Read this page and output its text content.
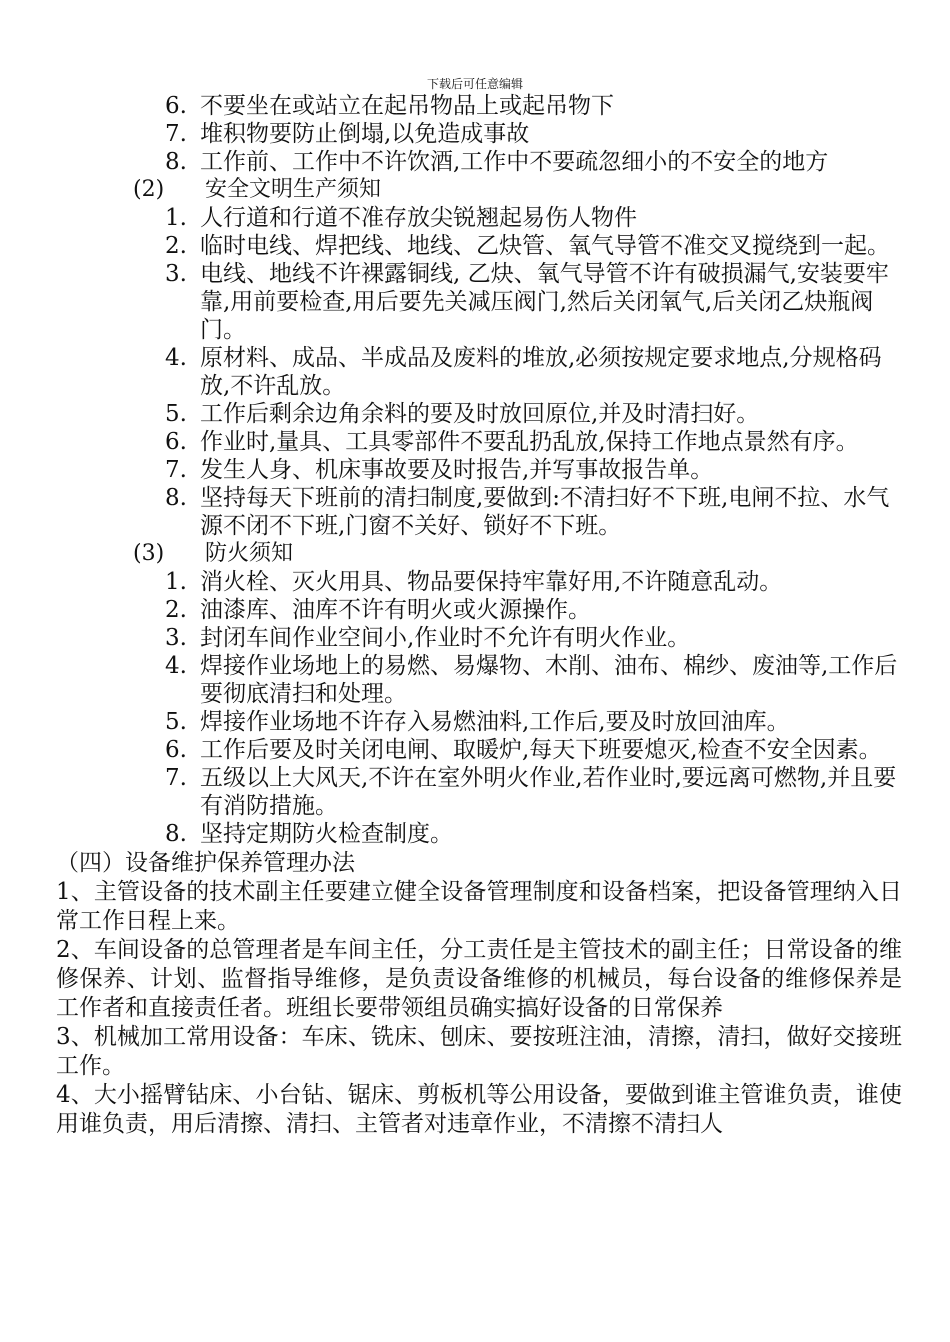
下载后可任意编辑
6. 不要坐在或站立在起吊物品上或起吊物下
7. 堆积物要防止倒塌,以免造成事故
8. 工作前、工作中不许饮酒,工作中不要疏忽细小的不安全的地方
(2) 安全文明生产须知
1. 人行道和行道不准存放尖锐翘起易伤人物件
2. 临时电线、焊把线、地线、乙炔管、氧气导管不准交叉搅绕到一起。
3. 电线、地线不许裸露铜线, 乙炔、氧气导管不许有破损漏气,安装要牢靠,用前要检查,用后要先关减压阀门,然后关闭氧气,后关闭乙炔瓶阀门。
4. 原材料、成品、半成品及废料的堆放,必须按规定要求地点,分规格码放,不许乱放。
5. 工作后剩余边角余料的要及时放回原位,并及时清扫好。
6. 作业时,量具、工具零部件不要乱扔乱放,保持工作地点景然有序。
7. 发生人身、机床事故要及时报告,并写事故报告单。
8. 坚持每天下班前的清扫制度,要做到:不清扫好不下班,电闸不拉、水气源不闭不下班,门窗不关好、锁好不下班。
(3) 防火须知
1. 消火栓、灭火用具、物品要保持牢靠好用,不许随意乱动。
2. 油漆库、油库不许有明火或火源操作。
3. 封闭车间作业空间小,作业时不允许有明火作业。
4. 焊接作业场地上的易燃、易爆物、木削、油布、棉纱、废油等,工作后要彻底清扫和处理。
5. 焊接作业场地不许存入易燃油料,工作后,要及时放回油库。
6. 工作后要及时关闭电闸、取暖炉,每天下班要熄灭,检查不安全因素。
7. 五级以上大风天,不许在室外明火作业,若作业时,要远离可燃物,并且要有消防措施。
8. 坚持定期防火检查制度。
（四）设备维护保养管理办法
1、主管设备的技术副主任要建立健全设备管理制度和设备档案，把设备管理纳入日常工作日程上来。
2、车间设备的总管理者是车间主任，分工责任是主管技术的副主任；日常设备的维修保养、计划、监督指导维修，是负责设备维修的机械员，每台设备的维修保养是工作者和直接责任者。班组长要带领组员确实搞好设备的日常保养
3、机械加工常用设备：车床、铣床、刨床、要按班注油，清擦，清扫，做好交接班工作。
4、大小摇臂钻床、小台钻、锯床、剪板机等公用设备，要做到谁主管谁负责，谁使用谁负责，用后清擦、清扫、主管者对违章作业，不清擦不清扫人
